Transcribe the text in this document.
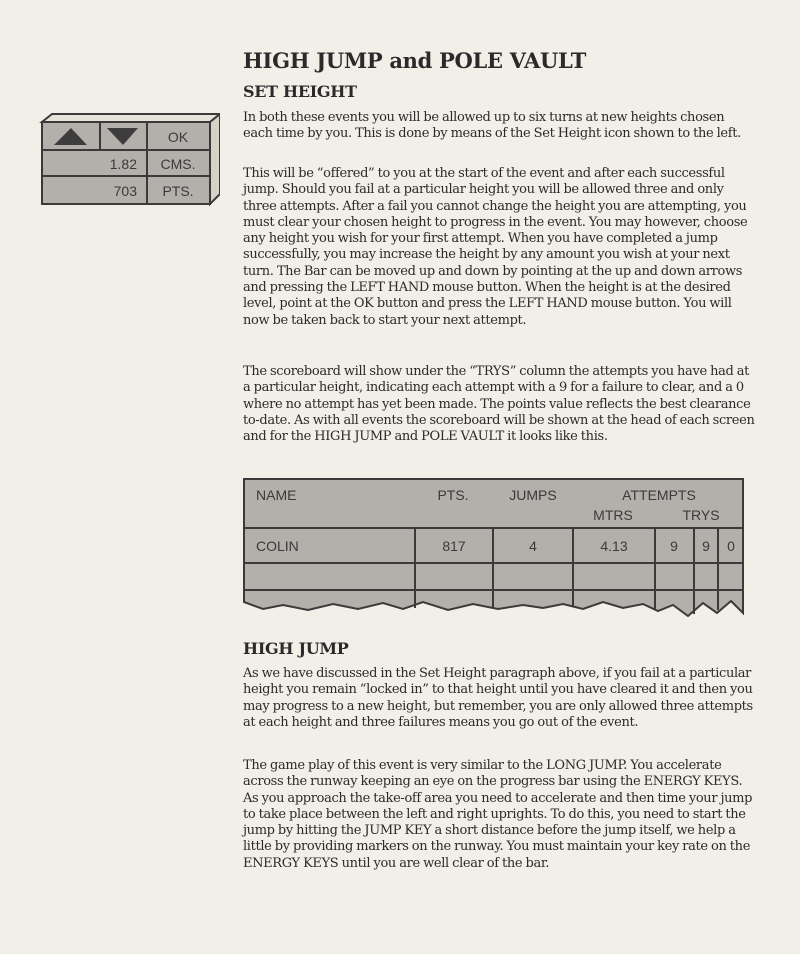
HIGH JUMP and POLE VAULT
SET HEIGHT

In both these events you will be allowed up to six turns at new heights chosen each time by you. This is done by means of the Set Height icon shown to the left.

This will be “offered” to you at the start of the event and after each successful jump. Should you fail at a particular height you will be allowed three and only three attempts. After a fail you cannot change the height you are attempting, you must clear your chosen height to progress in the event. You may however, choose any height you wish for your first attempt. When you have completed a jump successfully, you may increase the height by any amount you wish at your next turn. The Bar can be moved up and down by pointing at the up and down arrows and pressing the LEFT HAND mouse button. When the height is at the desired level, point at the OK button and press the LEFT HAND mouse button. You will now be taken back to start your next attempt.

The scoreboard will show under the “TRYS” column the attempts you have had at a particular height, indicating each attempt with a 9 for a failure to clear, and a 0 where no attempt has yet been made. The points value reflects the best clearance to-date. As with all events the scoreboard will be shown at the head of each screen and for the HIGH JUMP and POLE VAULT it looks like this.

OK
1.82 CMS.
703 PTS.
NAME	PTS.	JUMPS	ATTEMPTS
MTRS	TRYS
COLIN	817	4	4.13	9 9 0
HIGH JUMP

As we have discussed in the Set Height paragraph above, if you fail at a particular height you remain “locked in” to that height until you have cleared it and then you may progress to a new height, but remember, you are only allowed three attempts at each height and three failures means you go out of the event.

The game play of this event is very similar to the LONG JUMP. You accelerate across the runway keeping an eye on the progress bar using the ENERGY KEYS. As you approach the take-off area you need to accelerate and then time your jump to take place between the left and right uprights. To do this, you need to start the jump by hitting the JUMP KEY a short distance before the jump itself, we help a little by providing markers on the runway. You must maintain your key rate on the ENERGY KEYS until you are well clear of the bar.
